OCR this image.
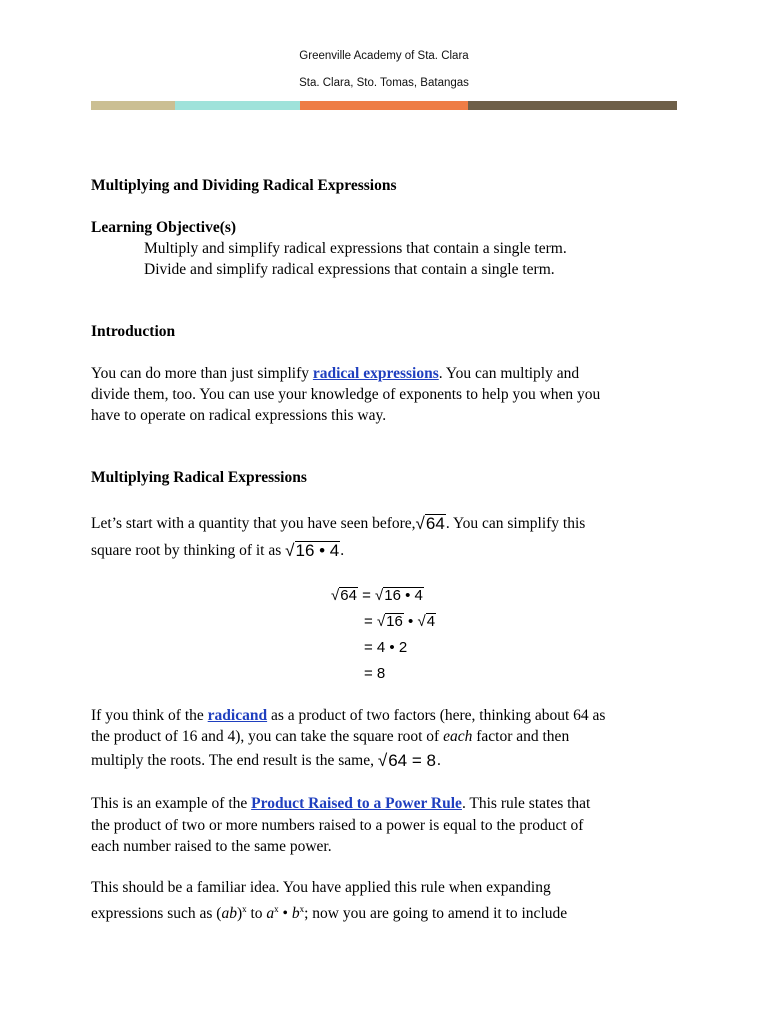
Greenville Academy of Sta. Clara
Sta. Clara, Sto. Tomas, Batangas
Multiplying and Dividing Radical Expressions
Learning Objective(s)
Multiply and simplify radical expressions that contain a single term.
Divide and simplify radical expressions that contain a single term.
Introduction
You can do more than just simplify radical expressions. You can multiply and
divide them, too. You can use your knowledge of exponents to help you when you
have to operate on radical expressions this way.
Multiplying Radical Expressions
Let’s start with a quantity that you have seen before,√64. You can simplify this
square root by thinking of it as √16 • 4.
√64 = √16 • 4
= √16 • √4
= 4 • 2
= 8
If you think of the radicand as a product of two factors (here, thinking about 64 as
the product of 16 and 4), you can take the square root of each factor and then
multiply the roots. The end result is the same, √64 = 8.
This is an example of the Product Raised to a Power Rule. This rule states that
the product of two or more numbers raised to a power is equal to the product of
each number raised to the same power.
This should be a familiar idea. You have applied this rule when expanding
expressions such as (ab)$^x$ to $a^x$ • $b^x$; now you are going to amend it to include
